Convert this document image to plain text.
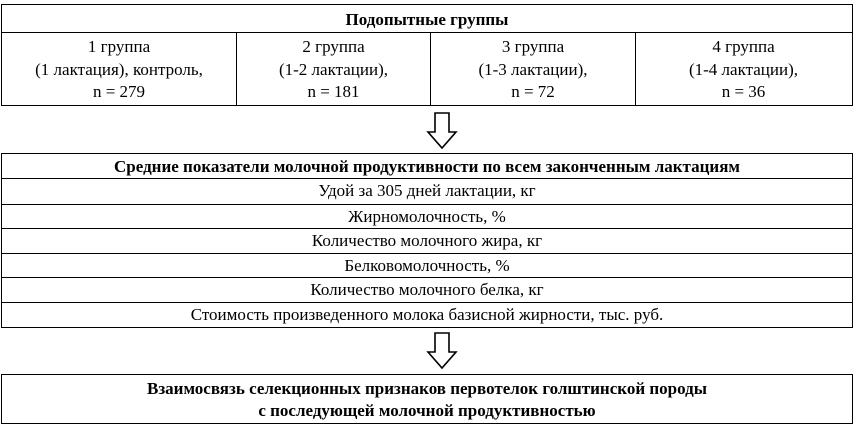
Подопытные группы
1 группа
(1 лактация), контроль,
n = 279
2 группа
(1-2 лактации),
n = 181
3 группа
(1-3 лактации),
n = 72
4 группа
(1-4 лактации),
n = 36
Средние показатели молочной продуктивности по всем законченным лактациям
Удой за 305 дней лактации, кг
Жирномолочность, %
Количество молочного жира, кг
Белковомолочность, %
Количество молочного белка, кг
Стоимость произведенного молока базисной жирности, тыс. руб.
Взаимосвязь селекционных признаков первотелок голштинской породы
с последующей молочной продуктивностью
